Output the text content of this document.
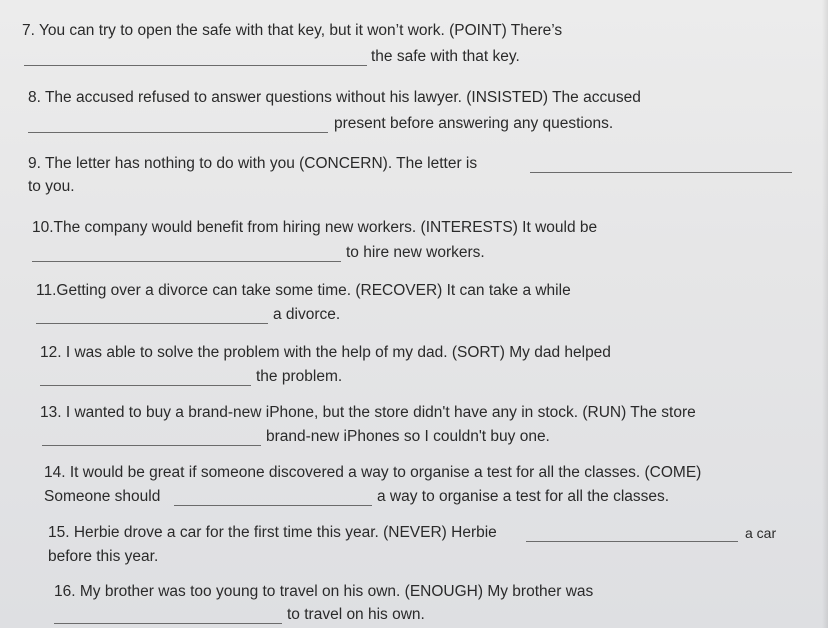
7. You can try to open the safe with that key, but it won’t work. (POINT) There’s
the safe with that key.
8. The accused refused to answer questions without his lawyer. (INSISTED) The accused
present before answering any questions.
9. The letter has nothing to do with you (CONCERN). The letter is
to you.
10.The company would benefit from hiring new workers. (INTERESTS) It would be
to hire new workers.
11.Getting over a divorce can take some time. (RECOVER) It can take a while
a divorce.
12. I was able to solve the problem with the help of my dad. (SORT) My dad helped
the problem.
13. I wanted to buy a brand-new iPhone, but the store didn't have any in stock. (RUN) The store
brand-new iPhones so I couldn't buy one.
14. It would be great if someone discovered a way to organise a test for all the classes. (COME)
Someone should	a way to organise a test for all the classes.
15. Herbie drove a car for the first time this year. (NEVER) Herbie	a car
before this year.
16. My brother was too young to travel on his own. (ENOUGH) My brother was
to travel on his own.
